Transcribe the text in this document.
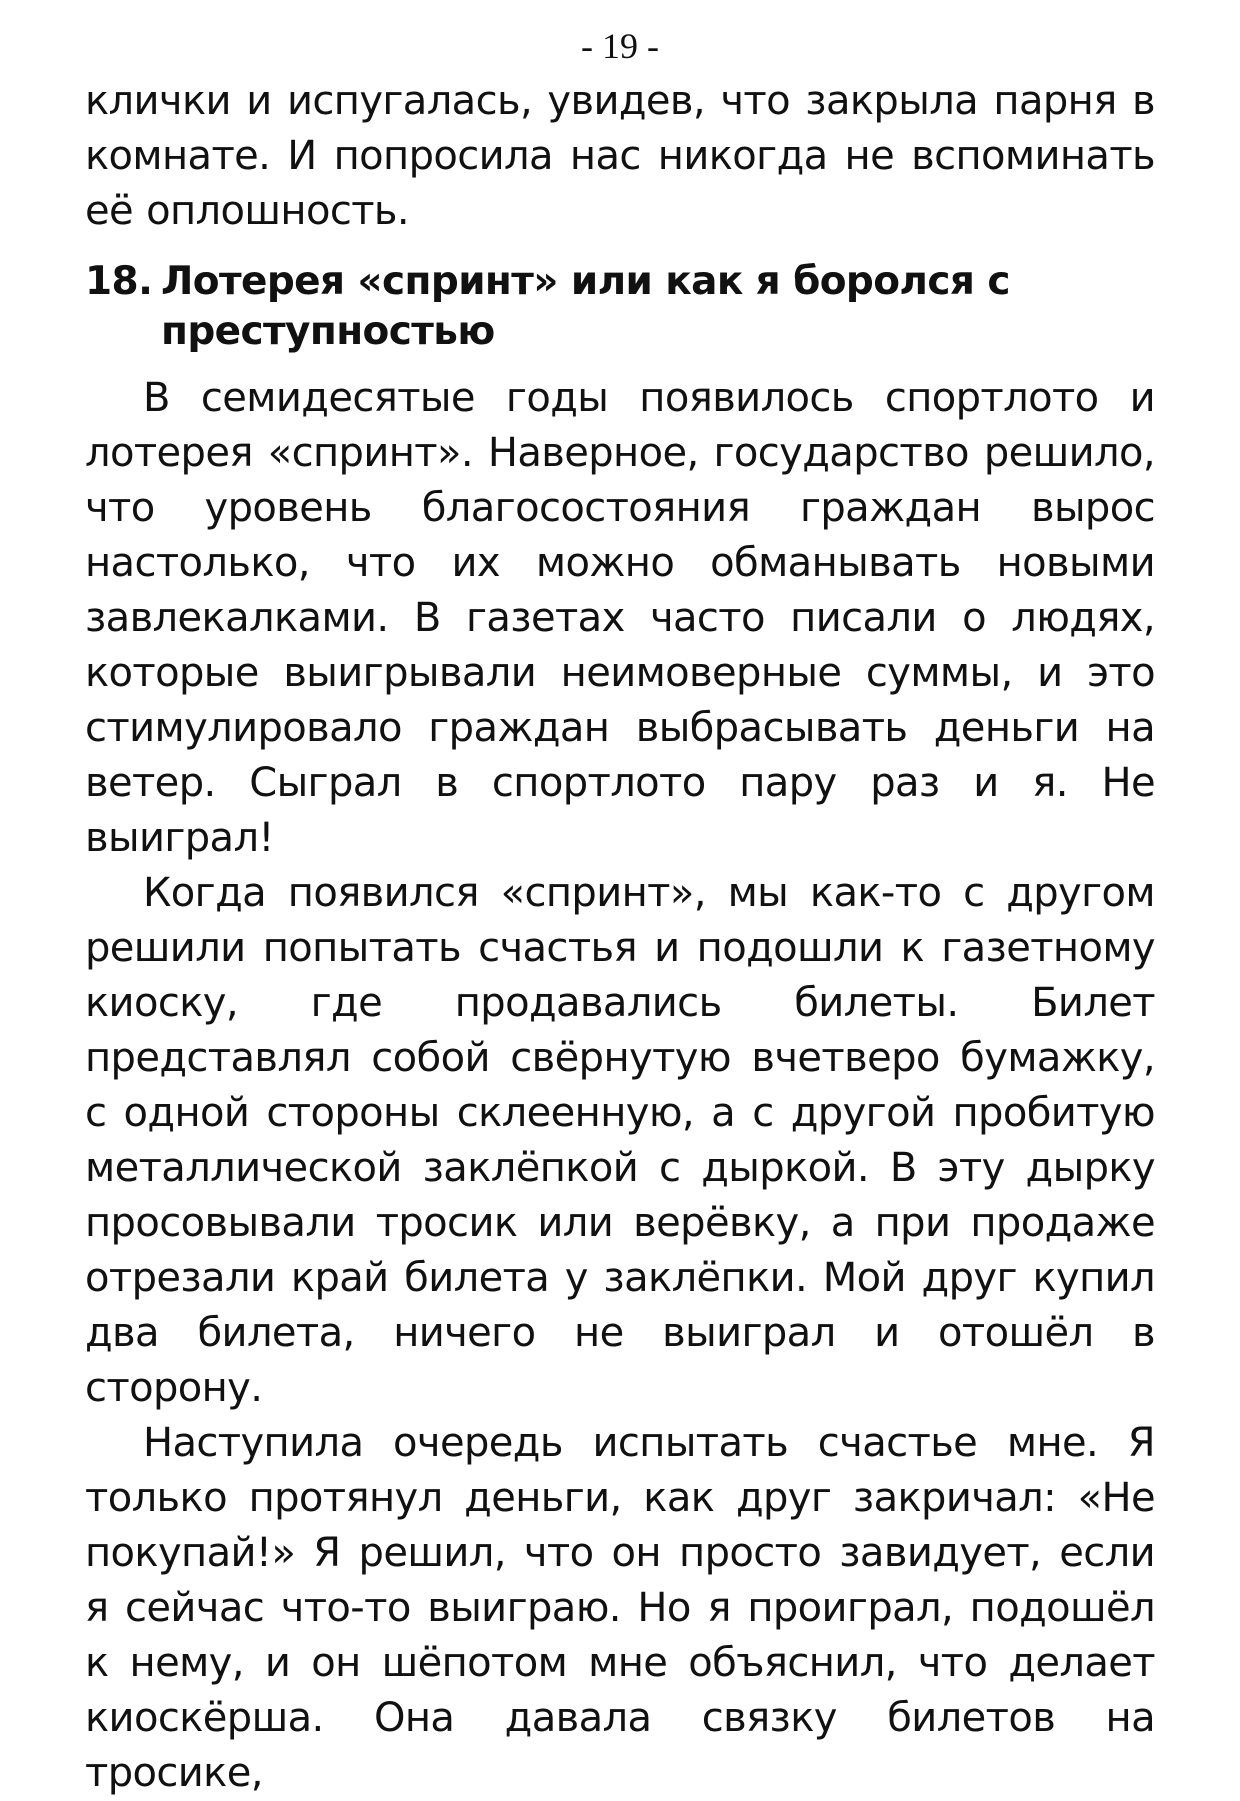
- 19 -

клички и испугалась, увидев, что закрыла парня в комнате. И попросила нас никогда не вспоминать её оплошность.

18. Лотерея «спринт» или как я боролся с преступностью

В семидесятые годы появилось спортлото и лотерея «спринт». Наверное, государство решило, что уровень благосостояния граждан вырос настолько, что их можно обманывать новыми завлекалками. В газетах часто писали о людях, которые выигрывали неимоверные суммы, и это стимулировало граждан выбрасывать деньги на ветер. Сыграл в спортлото пару раз и я. Не выиграл!

Когда появился «спринт», мы как-то с другом решили попытать счастья и подошли к газетному киоску, где продавались билеты. Билет представлял собой свёрнутую вчетверо бумажку, с одной стороны склеенную, а с другой пробитую металлической заклёпкой с дыркой. В эту дырку просовывали тросик или верёвку, а при продаже отрезали край билета у заклёпки. Мой друг купил два билета, ничего не выиграл и отошёл в сторону.

Наступила очередь испытать счастье мне. Я только протянул деньги, как друг закричал: «Не покупай!» Я решил, что он просто завидует, если я сейчас что-то выиграю. Но я проиграл, подошёл к нему, и он шёпотом мне объяснил, что делает киоскёрша. Она давала связку билетов на тросике,
